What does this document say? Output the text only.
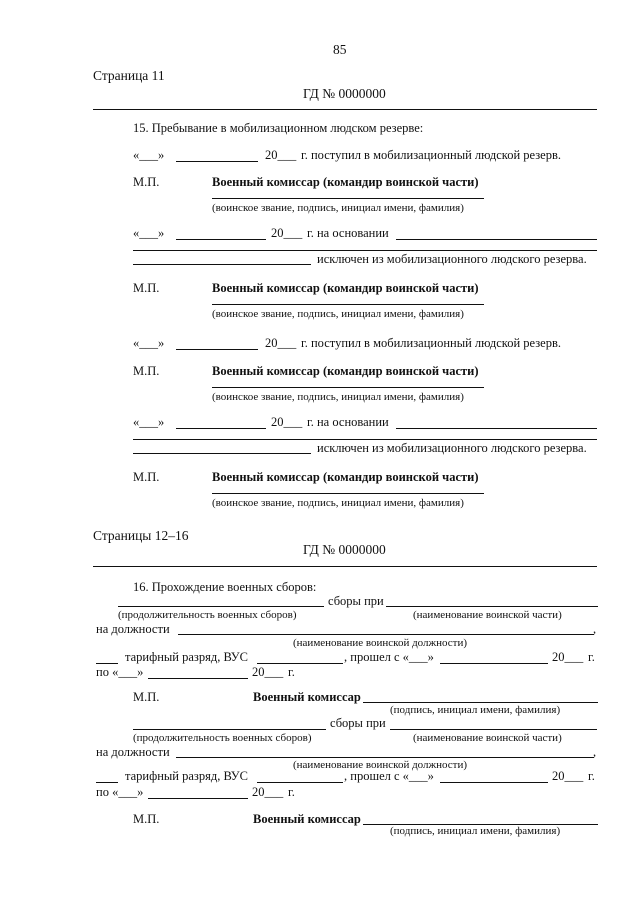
85
Страница 11
ГД № 0000000
15. Пребывание в мобилизационном людском резерве:
«___»	20___ г. поступил в мобилизационный людской резерв.
М.П.	Военный комиссар (командир воинской части)
(воинское звание, подпись, инициал имени, фамилия)
«___»	20___ г. на основании
исключен из мобилизационного людского резерва.
М.П.	Военный комиссар (командир воинской части)
(воинское звание, подпись, инициал имени, фамилия)
«___»	20___ г. поступил в мобилизационный людской резерв.
М.П.	Военный комиссар (командир воинской части)
(воинское звание, подпись, инициал имени, фамилия)
«___»	20___ г. на основании
исключен из мобилизационного людского резерва.
М.П.	Военный комиссар (командир воинской части)
(воинское звание, подпись, инициал имени, фамилия)
Страницы 12–16
ГД № 0000000
16. Прохождение военных сборов:
сборы при
(продолжительность военных сборов)	(наименование воинской части)
на должности	,
(наименование воинской должности)
тарифный разряд, ВУС	, прошел с «___»	20___ г.
по «___»	20___ г.
М.П.	Военный комиссар
(подпись, инициал имени, фамилия)
сборы при
(продолжительность военных сборов)	(наименование воинской части)
на должности	,
(наименование воинской должности)
тарифный разряд, ВУС	, прошел с «___»	20___ г.
по «___»	20___ г.
М.П.	Военный комиссар
(подпись, инициал имени, фамилия)
